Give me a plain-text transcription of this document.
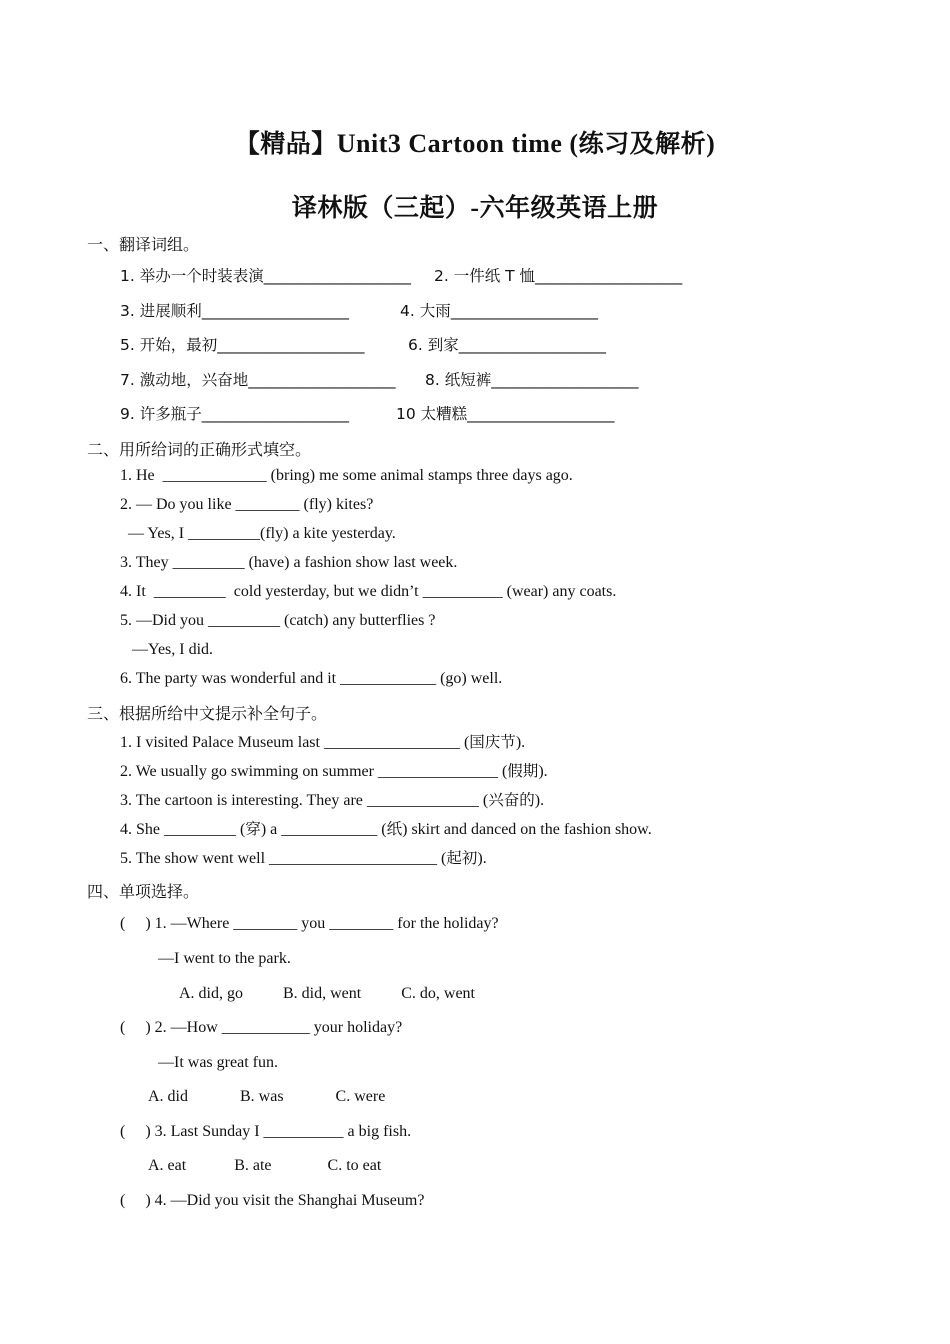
【精品】Unit3 Cartoon time (练习及解析)
译林版（三起）-六年级英语上册
一、翻译词组。
1. 举办一个时装表演___________________ 2. 一件纸 T 恤___________________
3. 进展顺利___________________	4. 大雨___________________
5. 开始，最初___________________	6. 到家___________________
7. 激动地，兴奋地___________________ 8. 纸短裤___________________
9. 许多瓶子___________________	10 太糟糕___________________
二、用所给词的正确形式填空。
1. He  _____________ (bring) me some animal stamps three days ago.
2. — Do you like ________ (fly) kites?
— Yes, I _________(fly) a kite yesterday.
3. They _________ (have) a fashion show last week.
4. It  _________  cold yesterday, but we didn’t __________ (wear) any coats.
5. —Did you _________ (catch) any butterflies ?
—Yes, I did.
6. The party was wonderful and it ____________ (go) well.
三、根据所给中文提示补全句子。
1. I visited Palace Museum last _________________ (国庆节).
2. We usually go swimming on summer _______________ (假期).
3. The cartoon is interesting. They are ______________ (兴奋的).
4. She _________ (穿) a ____________ (纸) skirt and danced on the fashion show.
5. The show went well _____________________ (起初).
四、单项选择。
(     ) 1. —Where ________ you ________ for the holiday?
—I went to the park.
A. did, go          B. did, went          C. do, went
(     ) 2. —How ___________ your holiday?
—It was great fun.
A. did             B. was             C. were
(     ) 3. Last Sunday I __________ a big fish.
A. eat            B. ate              C. to eat
(     ) 4. —Did you visit the Shanghai Museum?
